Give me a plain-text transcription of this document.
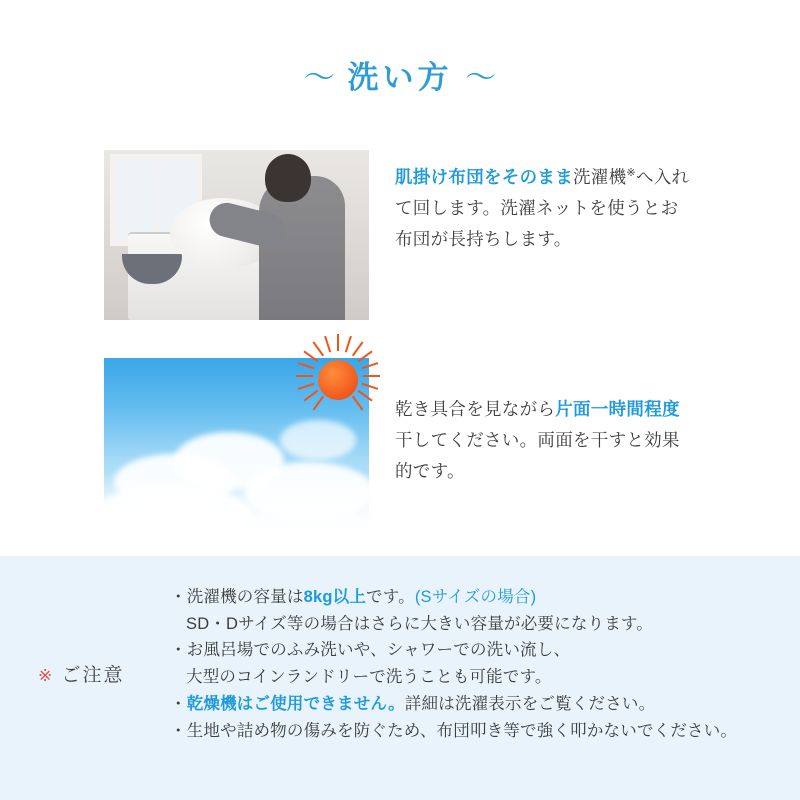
〜 洗い方 〜
肌掛け布団をそのまま洗濯機※へ入れて回します。洗濯ネットを使うとお布団が長持ちします。
乾き具合を見ながら片面一時間程度干してください。両面を干すと効果的です。
※ ご注意
・洗濯機の容量は8kg以上です。(Sサイズの場合)
SD・Dサイズ等の場合はさらに大きい容量が必要になります。
・お風呂場でのふみ洗いや、シャワーでの洗い流し、
大型のコインランドリーで洗うことも可能です。
・乾燥機はご使用できません。詳細は洗濯表示をご覧ください。
・生地や詰め物の傷みを防ぐため、布団叩き等で強く叩かないでください。
